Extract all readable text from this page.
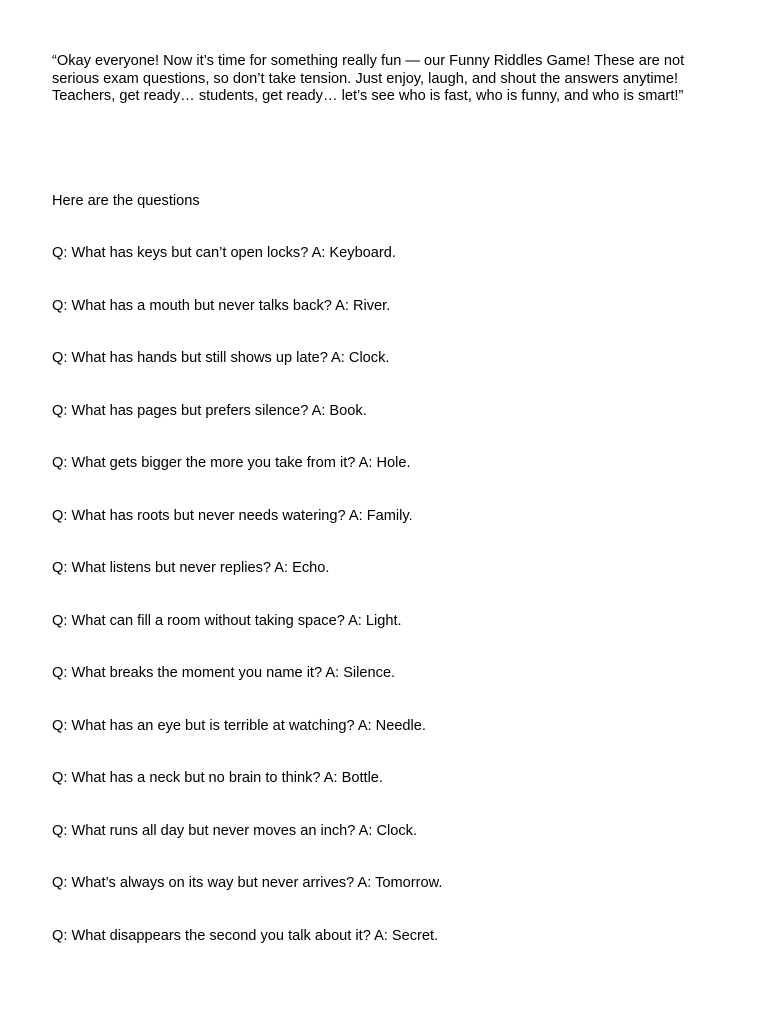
“Okay everyone! Now it’s time for something really fun — our Funny Riddles Game! These are not
serious exam questions, so don’t take tension. Just enjoy, laugh, and shout the answers anytime!
Teachers, get ready… students, get ready… let’s see who is fast, who is funny, and who is smart!”

Here are the questions

Q: What has keys but can’t open locks? A: Keyboard.
Q: What has a mouth but never talks back? A: River.
Q: What has hands but still shows up late? A: Clock.
Q: What has pages but prefers silence? A: Book.
Q: What gets bigger the more you take from it? A: Hole.
Q: What has roots but never needs watering? A: Family.
Q: What listens but never replies? A: Echo.
Q: What can fill a room without taking space? A: Light.
Q: What breaks the moment you name it? A: Silence.
Q: What has an eye but is terrible at watching? A: Needle.
Q: What has a neck but no brain to think? A: Bottle.
Q: What runs all day but never moves an inch? A: Clock.
Q: What’s always on its way but never arrives? A: Tomorrow.
Q: What disappears the second you talk about it? A: Secret.
